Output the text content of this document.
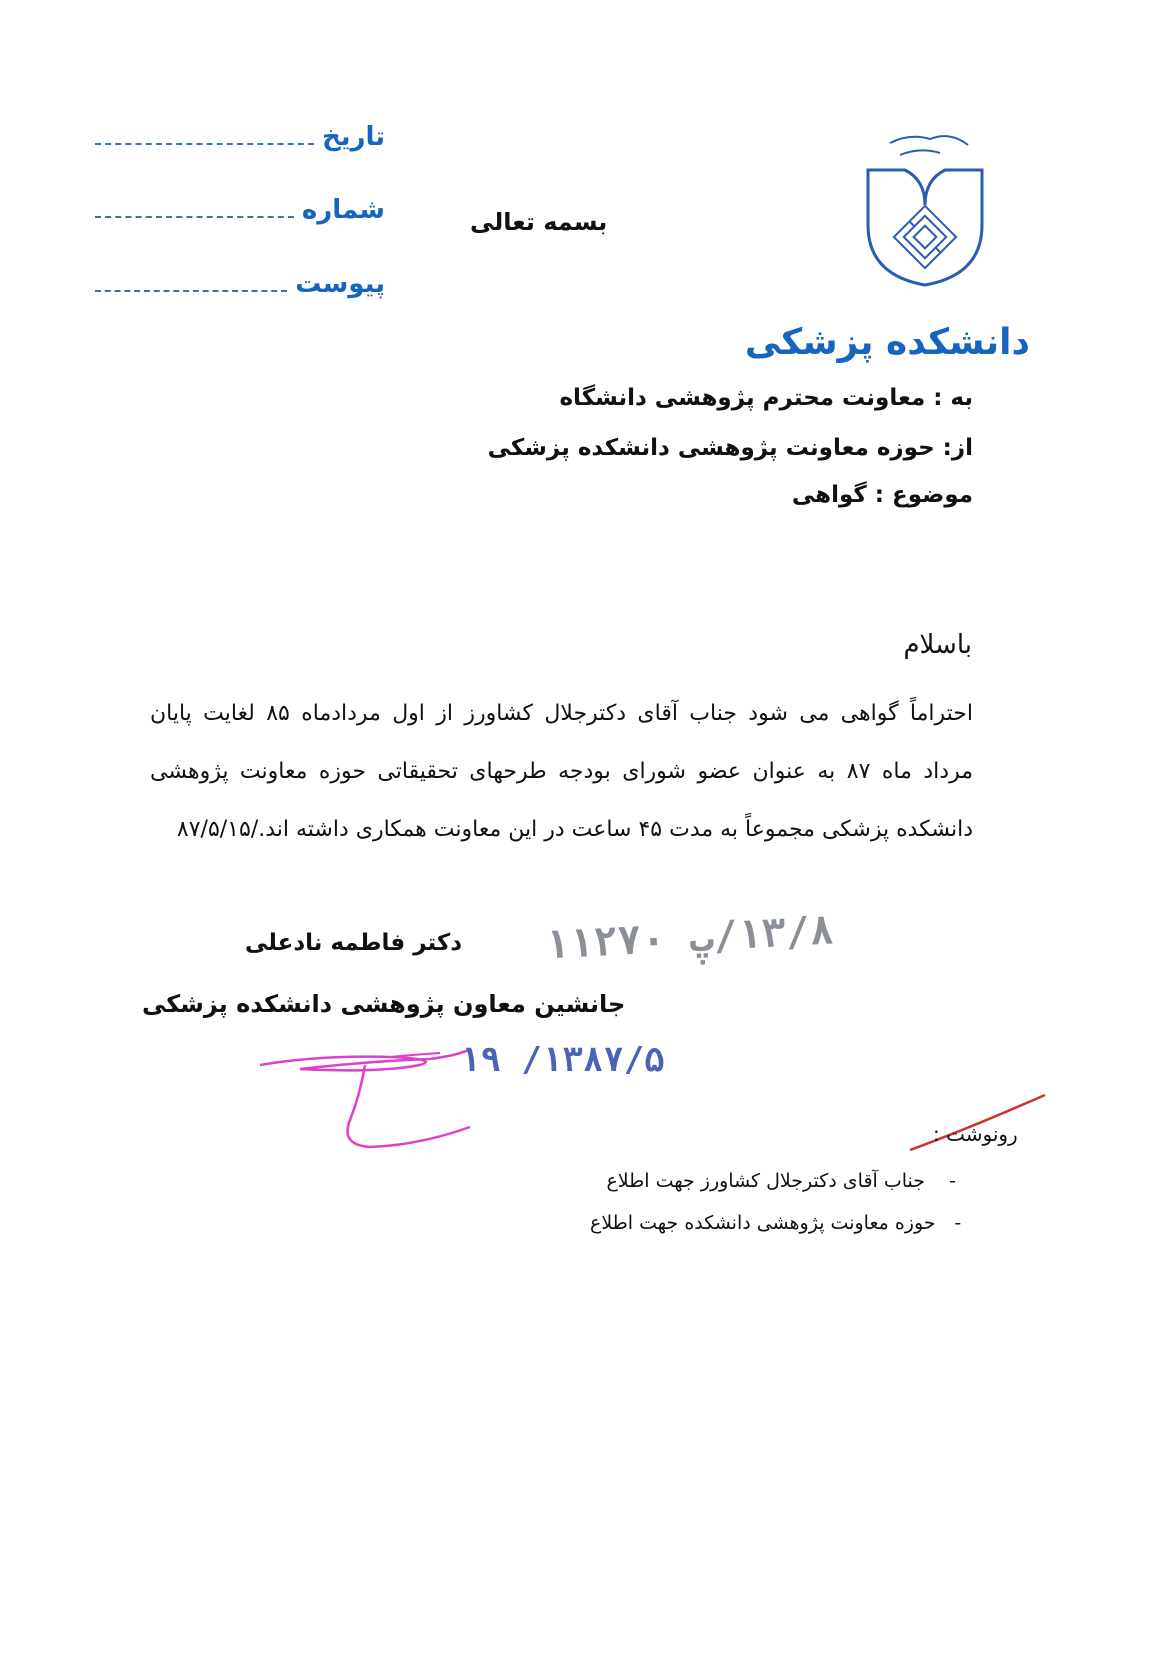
تاریخ
شماره
پیوست
بسمه تعالی
دانشکده پزشکی
به : معاونت محترم پژوهشی دانشگاه
از: حوزه معاونت پژوهشی دانشکده پزشکی
موضوع : گواهی
باسلام
احتراماً گواهی می شود جناب آقای دکترجلال کشاورز از اول مردادماه ۸۵ لغایت پایان مرداد ماه ۸۷ به عنوان عضو شورای بودجه طرحهای تحقیقاتی حوزه معاونت پژوهشی دانشکده پزشکی مجموعاً به مدت ۴۵ ساعت در این معاونت همکاری داشته اند./۸۷/۵/۱۵
۱۳/۸/پ ۱۱۲۷۰
دکتر فاطمه نادعلی
جانشین معاون پژوهشی دانشکده پزشکی
۱۳۸۷/۵/ ۱۹
رونوشت :
-
جناب آقای دکترجلال کشاورز جهت اطلاع
-
حوزه معاونت پژوهشی دانشکده جهت اطلاع
